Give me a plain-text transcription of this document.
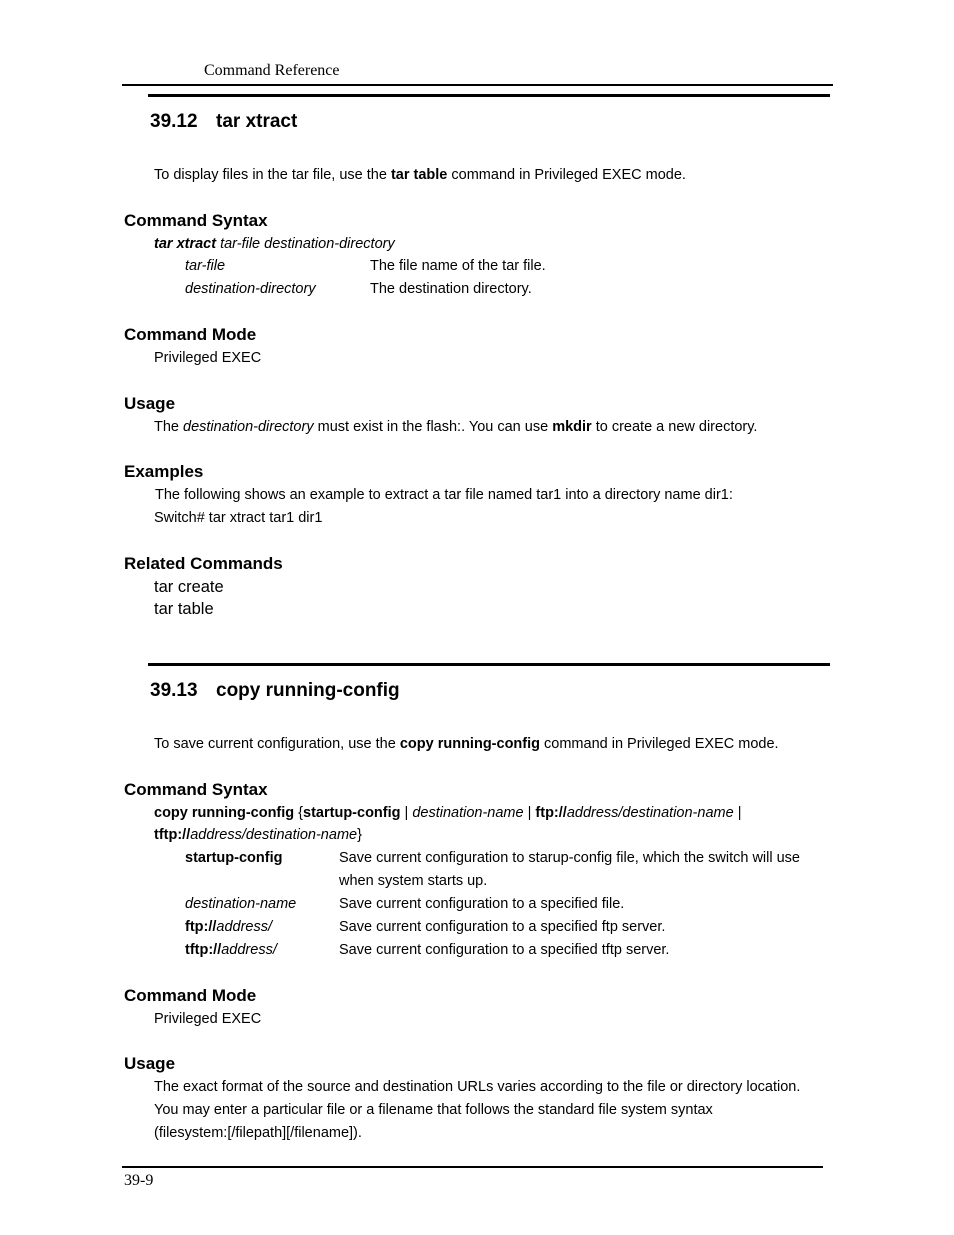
Command Reference
39.12 tar xtract
To display files in the tar file, use the tar table command in Privileged EXEC mode.
Command Syntax
tar xtract tar-file destination-directory
tar-file	The file name of the tar file.
destination-directory	The destination directory.
Command Mode
Privileged EXEC
Usage
The destination-directory must exist in the flash:. You can use mkdir to create a new directory.
Examples
The following shows an example to extract a tar file named tar1 into a directory name dir1:
Switch# tar xtract tar1 dir1
Related Commands
tar create
tar table
39.13 copy running-config
To save current configuration, use the copy running-config command in Privileged EXEC mode.
Command Syntax
copy running-config {startup-config | destination-name | ftp://address/destination-name |
tftp://address/destination-name}
startup-config	Save current configuration to starup-config file, which the switch will use
when system starts up.
destination-name	Save current configuration to a specified file.
ftp://address/	Save current configuration to a specified ftp server.
tftp://address/	Save current configuration to a specified tftp server.
Command Mode
Privileged EXEC
Usage
The exact format of the source and destination URLs varies according to the file or directory location.
You may enter a particular file or a filename that follows the standard file system syntax
(filesystem:[/filepath][/filename]).
39-9
